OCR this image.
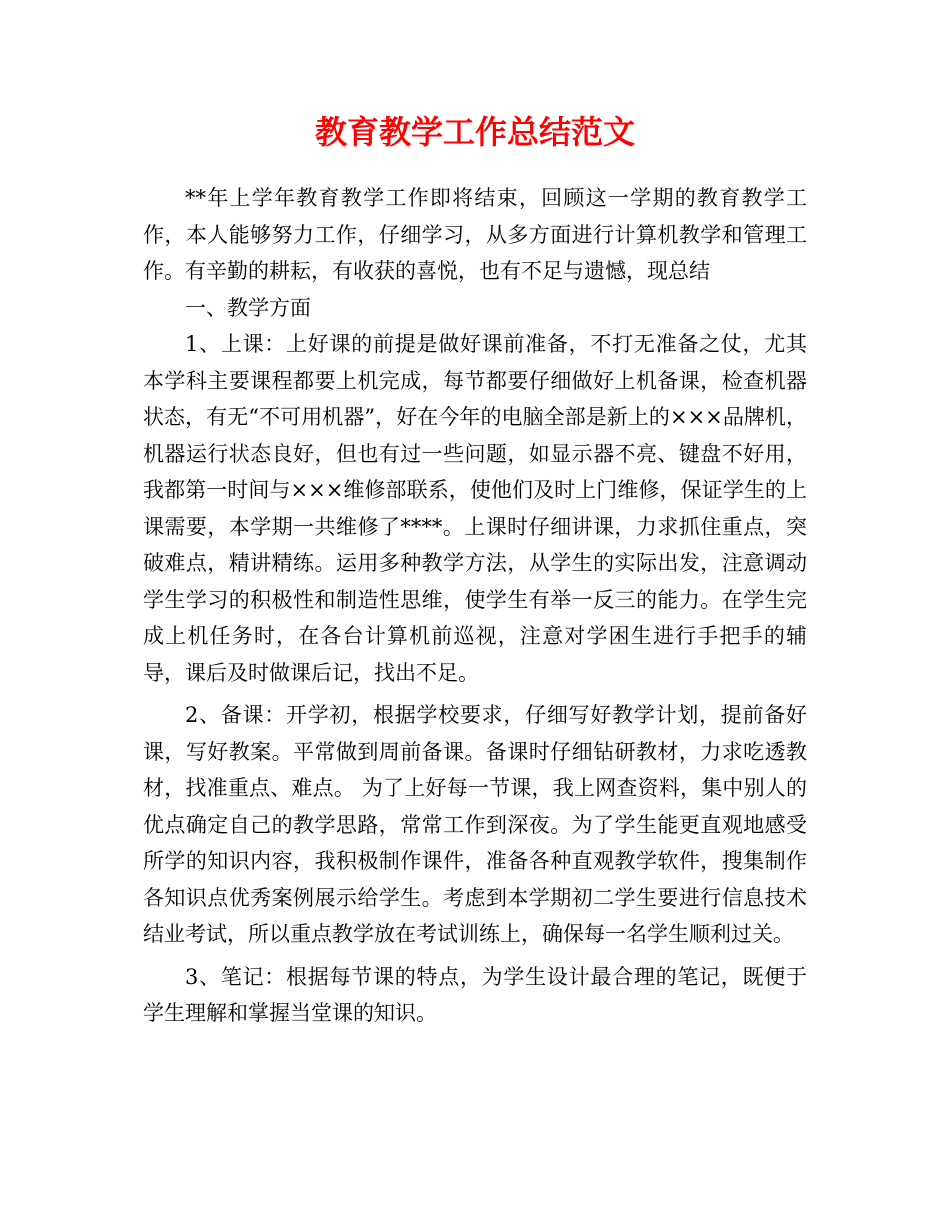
教育教学工作总结范文

**年上学年教育教学工作即将结束，回顾这一学期的教育教学工作，本人能够努力工作，仔细学习，从多方面进行计算机教学和管理工作。有辛勤的耕耘，有收获的喜悦，也有不足与遗憾，现总结

一、教学方面

1、上课：上好课的前提是做好课前准备，不打无准备之仗，尤其本学科主要课程都要上机完成，每节都要仔细做好上机备课，检查机器状态，有无“不可用机器”，好在今年的电脑全部是新上的×××品牌机，机器运行状态良好，但也有过一些问题，如显示器不亮、键盘不好用，我都第一时间与×××维修部联系，使他们及时上门维修，保证学生的上课需要，本学期一共维修了****。上课时仔细讲课，力求抓住重点，突破难点，精讲精练。运用多种教学方法，从学生的实际出发，注意调动学生学习的积极性和制造性思维，使学生有举一反三的能力。在学生完成上机任务时，在各台计算机前巡视，注意对学困生进行手把手的辅导，课后及时做课后记，找出不足。

2、备课：开学初，根据学校要求，仔细写好教学计划，提前备好课，写好教案。平常做到周前备课。备课时仔细钻研教材，力求吃透教材，找准重点、难点。 为了上好每一节课，我上网查资料，集中别人的优点确定自己的教学思路，常常工作到深夜。为了学生能更直观地感受所学的知识内容，我积极制作课件，准备各种直观教学软件，搜集制作各知识点优秀案例展示给学生。考虑到本学期初二学生要进行信息技术结业考试，所以重点教学放在考试训练上，确保每一名学生顺利过关。

3、笔记：根据每节课的特点，为学生设计最合理的笔记，既便于学生理解和掌握当堂课的知识。
